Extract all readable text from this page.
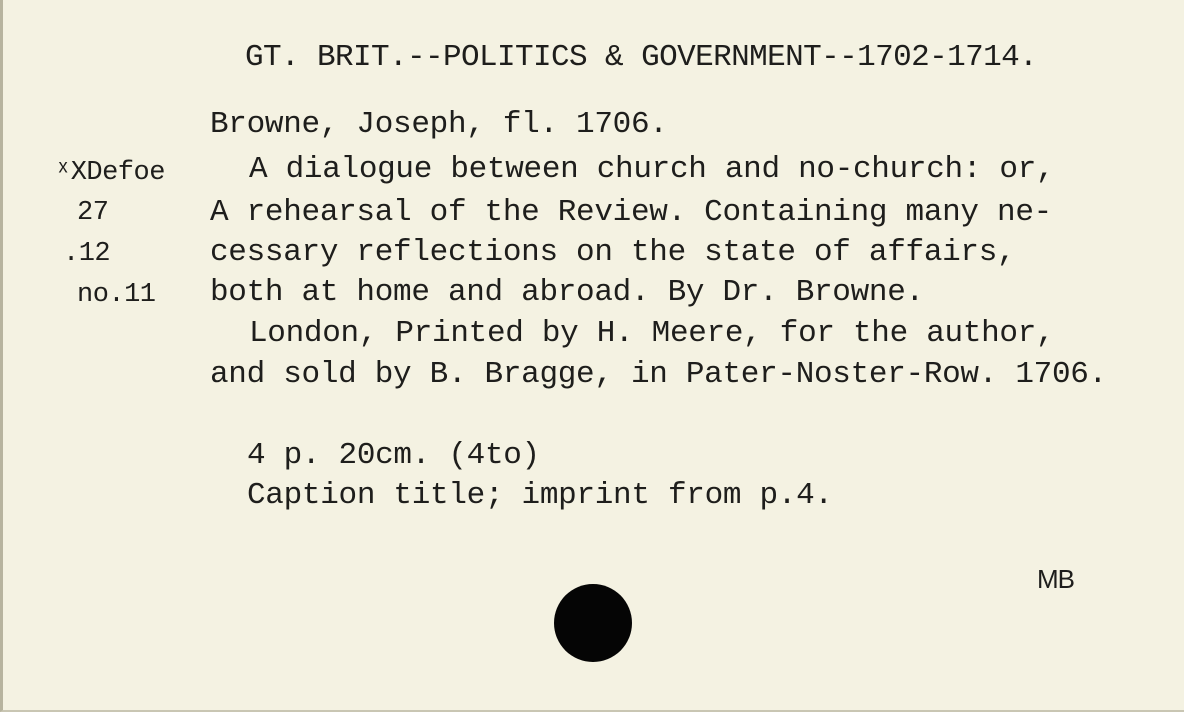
GT. BRIT.--POLITICS & GOVERNMENT--1702-1714.
Browne, Joseph, fl. 1706.
ˣXDefoe
27
.12
no.11
A dialogue between church and no-church: or,
A rehearsal of the Review. Containing many ne-
cessary reflections on the state of affairs,
both at home and abroad. By Dr. Browne.
London, Printed by H. Meere, for the author,
and sold by B. Bragge, in Pater-Noster-Row. 1706.
4 p. 20cm. (4to)
Caption title; imprint from p.4.
MB
